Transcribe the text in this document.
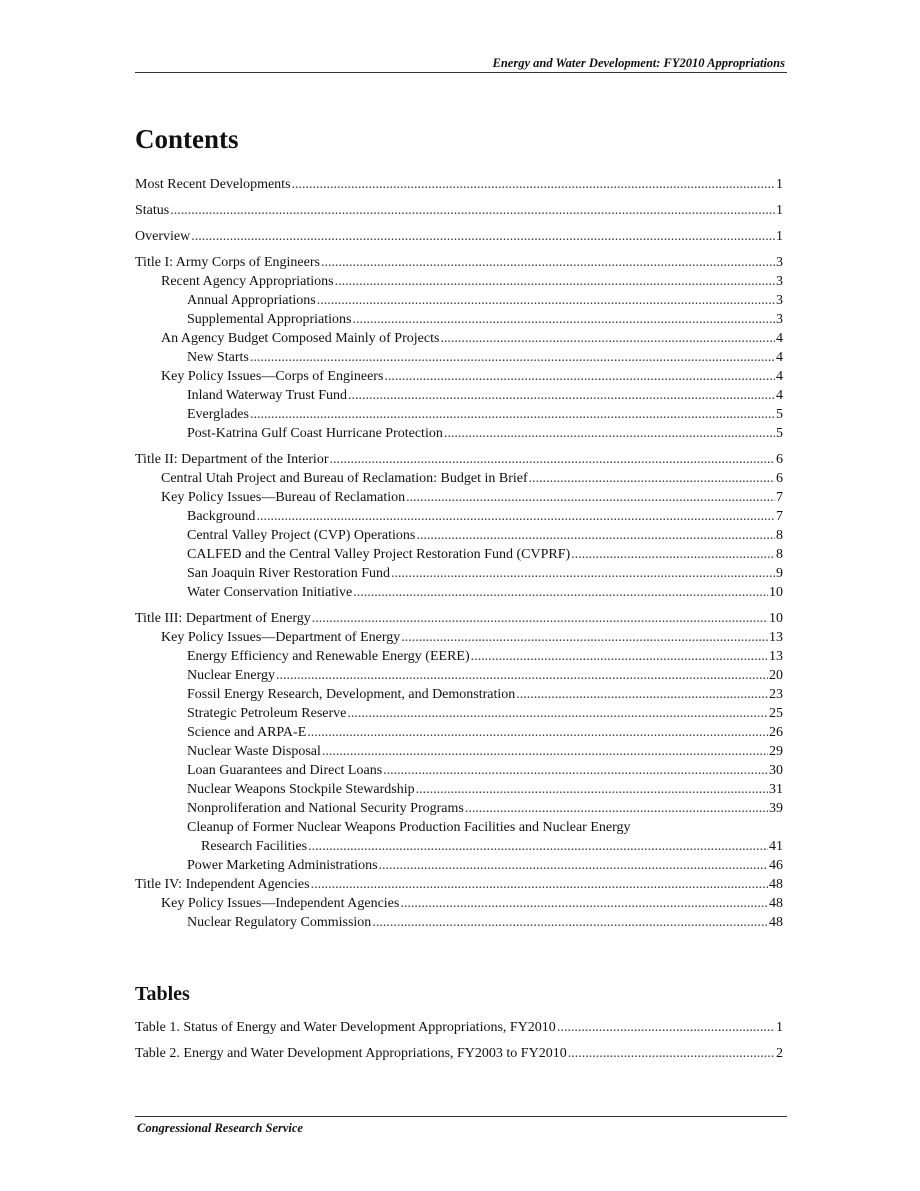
Energy and Water Development: FY2010 Appropriations
Contents
Most Recent Developments .....	1
Status .....	1
Overview .....	1
Title I: Army Corps of Engineers .....	3
Recent Agency Appropriations .....	3
Annual Appropriations .....	3
Supplemental Appropriations .....	3
An Agency Budget Composed Mainly of Projects .....	4
New Starts .....	4
Key Policy Issues—Corps of Engineers .....	4
Inland Waterway Trust Fund .....	4
Everglades .....	5
Post-Katrina Gulf Coast Hurricane Protection .....	5
Title II: Department of the Interior .....	6
Central Utah Project and Bureau of Reclamation: Budget in Brief .....	6
Key Policy Issues—Bureau of Reclamation .....	7
Background .....	7
Central Valley Project (CVP) Operations .....	8
CALFED and the Central Valley Project Restoration Fund (CVPRF) .....	8
San Joaquin River Restoration Fund .....	9
Water Conservation Initiative .....	10
Title III: Department of Energy .....	10
Key Policy Issues—Department of Energy .....	13
Energy Efficiency and Renewable Energy (EERE) .....	13
Nuclear Energy .....	20
Fossil Energy Research, Development, and Demonstration .....	23
Strategic Petroleum Reserve .....	25
Science and ARPA-E .....	26
Nuclear Waste Disposal .....	29
Loan Guarantees and Direct Loans .....	30
Nuclear Weapons Stockpile Stewardship .....	31
Nonproliferation and National Security Programs .....	39
Cleanup of Former Nuclear Weapons Production Facilities and Nuclear Energy
Research Facilities .....	41
Power Marketing Administrations .....	46
Title IV: Independent Agencies .....	48
Key Policy Issues—Independent Agencies .....	48
Nuclear Regulatory Commission .....	48
Tables
Table 1. Status of Energy and Water Development Appropriations, FY2010 .....	1
Table 2. Energy and Water Development Appropriations, FY2003 to FY2010 .....	2
Congressional Research Service
